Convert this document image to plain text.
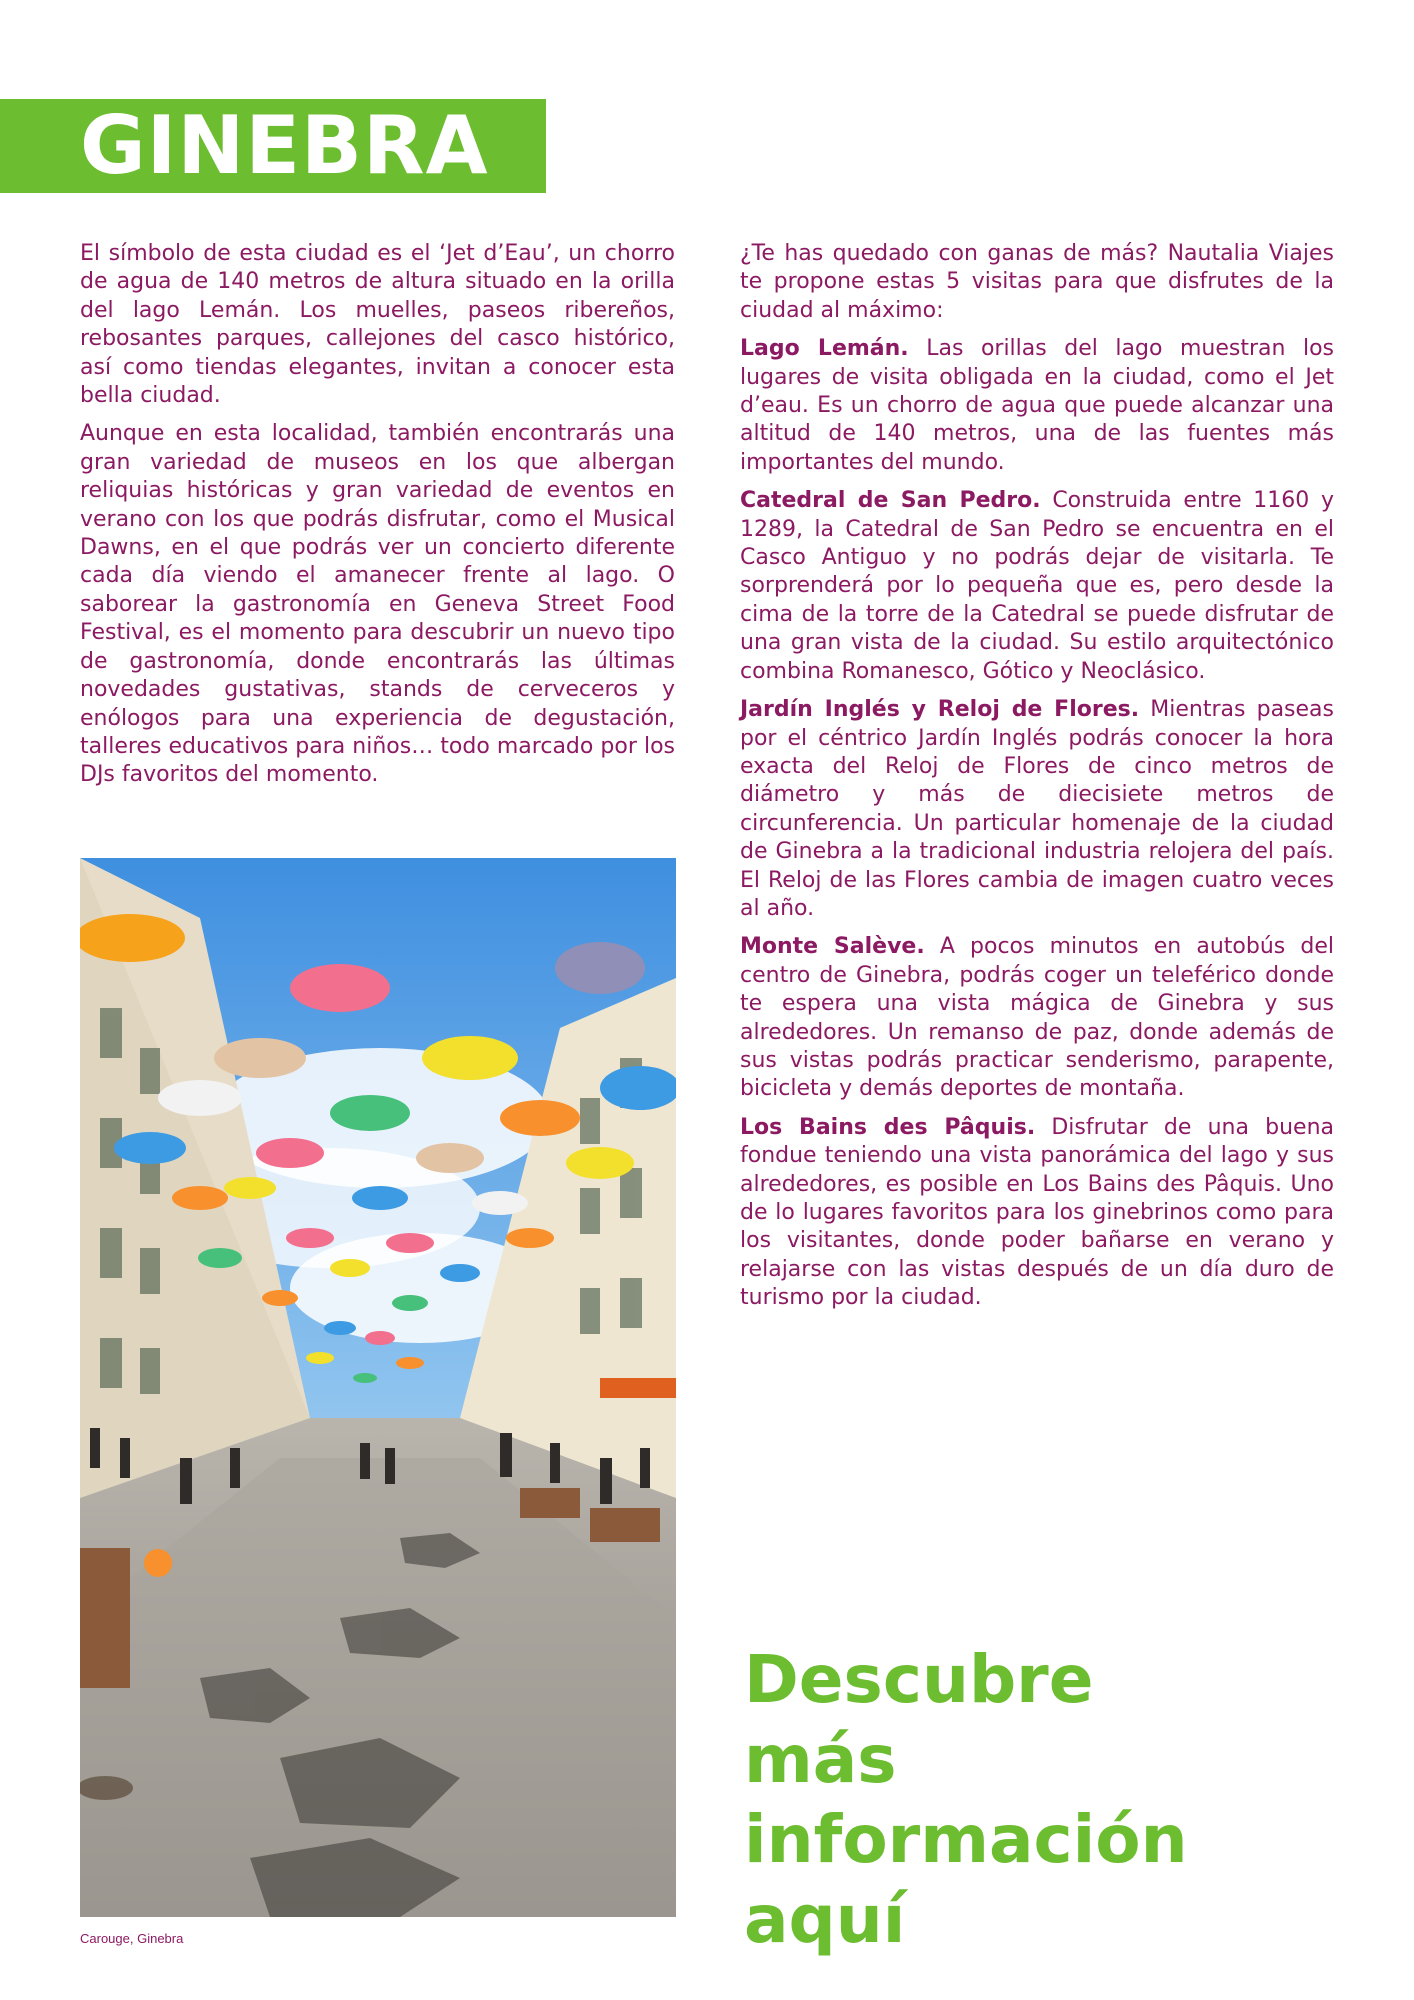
GINEBRA

El símbolo de esta ciudad es el ‘Jet d’Eau’, un chorro de agua de 140 metros de altura situado en la orilla del lago Lemán. Los muelles, paseos ribereños, rebosantes parques, callejones del casco histórico, así como tiendas elegantes, invitan a conocer esta bella ciudad.

Aunque en esta localidad, también encontrarás una gran variedad de museos en los que albergan reliquias históricas y gran variedad de eventos en verano con los que podrás disfrutar, como el Musical Dawns, en el que podrás ver un concierto diferente cada día viendo el amanecer frente al lago. O saborear la gastronomía en Geneva Street Food Festival, es el momento para descubrir un nuevo tipo de gastronomía, donde encontrarás las últimas novedades gustativas, stands de cerveceros y enólogos para una experiencia de degustación, talleres educativos para niños… todo marcado por los DJs favoritos del momento.

¿Te has quedado con ganas de más? Nautalia Viajes te propone estas 5 visitas para que disfrutes de la ciudad al máximo:

Lago Lemán. Las orillas del lago muestran los lugares de visita obligada en la ciudad, como el Jet d’eau. Es un chorro de agua que puede alcanzar una altitud de 140 metros, una de las fuentes más importantes del mundo.

Catedral de San Pedro. Construida entre 1160 y 1289, la Catedral de San Pedro se encuentra en el Casco Antiguo y no podrás dejar de visitarla. Te sorprenderá por lo pequeña que es, pero desde la cima de la torre de la Catedral se puede disfrutar de una gran vista de la ciudad. Su estilo arquitectónico combina Romanesco, Gótico y Neoclásico.

Jardín Inglés y Reloj de Flores. Mientras paseas por el céntrico Jardín Inglés podrás conocer la hora exacta del Reloj de Flores de cinco metros de diámetro y más de diecisiete metros de circunferencia. Un particular homenaje de la ciudad de Ginebra a la tradicional industria relojera del país. El Reloj de las Flores cambia de imagen cuatro veces al año.

Monte Salève. A pocos minutos en autobús del centro de Ginebra, podrás coger un teleférico donde te espera una vista mágica de Ginebra y sus alrededores. Un remanso de paz, donde además de sus vistas podrás practicar senderismo, parapente, bicicleta y demás deportes de montaña.

Los Bains des Pâquis. Disfrutar de una buena fondue teniendo una vista panorámica del lago y sus alrededores, es posible en Los Bains des Pâquis. Uno de lo lugares favoritos para los ginebrinos como para los visitantes, donde poder bañarse en verano y relajarse con las vistas después de un día duro de turismo por la ciudad.

Carouge, Ginebra
Descubre
más
información
aquí
